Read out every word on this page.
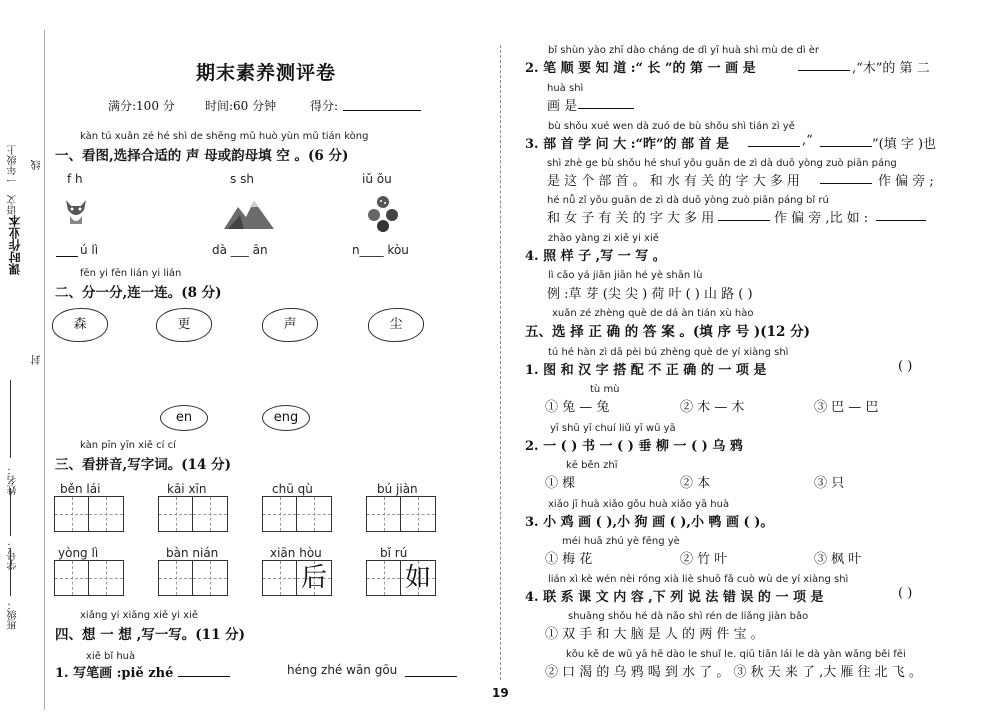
一年级上
语文
课时作业本
线
封
姓名：
学号：
班级：
期末素养测评卷
满分:100 分	时间:60 分钟	得分:
kàn tú xuǎn zé hé shì de shēng mǔ huò yùn mǔ tián kòng
一、看图,选择合适的 声 母或韵母填 空 。(6 分)
f h	s sh	iǔ ǒu
ú lì	dà ___ ān	n____ kòu
fēn yi fēn lián yi lián
二、分一分,连一连。(8 分)
森	更	声	尘
en	eng
kàn pīn yīn xiě cí cí
三、看拼音,写字词。(14 分)
běn lái	kāi xīn	chū qù	bú jiàn
yòng lì	bàn nián	xiān hòu	bǐ rú
后	如
xiǎng yi xiǎng xiě yi xiě
四、想 一 想 ,写一写。(11 分)
xiě bǐ huà
1. 写笔画 :piě zhé	héng zhé wān gōu
bǐ shùn yào zhī dào cháng de dì yī huà shì mù de dì èr
2. 笔 顺 要 知 道 :“ 长 ”的 第 一 画 是	,“木”的 第 二
huà shì
画 是
bù shǒu xué wen dà zuó de bù shǒu shì tián zì yě
3. 部 首 学 问 大 :“昨”的 部 首 是	,“	”(填 字 )也
shì zhè ge bù shǒu hé shuǐ yǒu guān de zì dà duō yòng zuò piān páng
是 这 个 部 首 。 和 水 有 关 的 字 大 多 用	作 偏 旁 ;
hé nǚ zǐ yǒu guān de zì dà duō yòng zuò piān páng bǐ rú
和 女 子 有 关 的 字 大 多 用	作 偏 旁 ,比 如 :
zhào yàng zi xiě yi xiě
4. 照 样 子 ,写 一 写 。
lì cǎo yá jiān jiān hé yè shān lù
例 :草 芽 (尖 尖 ) 荷 叶 ( ) 山 路 ( )
xuǎn zé zhèng què de dá àn tián xù hào
五、选 择 正 确 的 答 案 。(填 序 号 )(12 分)
tú hé hàn zì dā pèi bú zhèng què de yí xiàng shì
1. 图 和 汉 字 搭 配 不 正 确 的 一 项 是	( )
tù mù
① 兔 — 兔	② 木 — 木	③ 巴 — 巴
yī shū yī chuí liǔ yī wū yā
2. 一 ( ) 书 一 ( ) 垂 柳 一 ( ) 乌 鸦
kē běn zhī
① 棵	② 本	③ 只
xiǎo jī huà xiǎo gǒu huà xiǎo yā huà
3. 小 鸡 画 ( ),小 狗 画 ( ),小 鸭 画 ( )。
méi huā zhú yè fēng yè
① 梅 花	② 竹 叶	③ 枫 叶
lián xì kè wén nèi róng xià liè shuō fǎ cuò wù de yí xiàng shì
4. 联 系 课 文 内 容 ,下 列 说 法 错 误 的 一 项 是	( )
shuāng shǒu hé dà nǎo shì rén de liǎng jiàn bǎo
① 双 手 和 大 脑 是 人 的 两 件 宝 。
kǒu kě de wū yā hē dào le shuǐ le. qiū tiān lái le dà yàn wǎng běi fēi
② 口 渴 的 乌 鸦 喝 到 水 了 。 ③ 秋 天 来 了 ,大 雁 往 北 飞 。
19
